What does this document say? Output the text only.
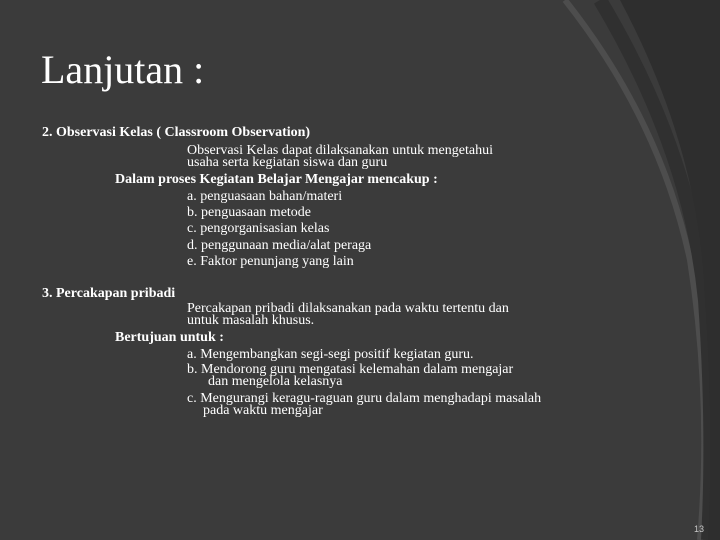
Lanjutan :
2. Observasi Kelas ( Classroom Observation)
Observasi Kelas dapat dilaksanakan untuk mengetahui
usaha serta kegiatan siswa dan guru
Dalam proses Kegiatan Belajar Mengajar mencakup :
a. penguasaan bahan/materi
b. penguasaan metode
c. pengorganisasian kelas
d. penggunaan media/alat peraga
e. Faktor penunjang yang lain
3. Percakapan pribadi
Percakapan pribadi dilaksanakan pada waktu tertentu dan
untuk masalah khusus.
Bertujuan untuk :
a. Mengembangkan segi-segi positif kegiatan guru.
b. Mendorong guru mengatasi kelemahan dalam mengajar
dan mengelola kelasnya
c. Mengurangi keragu-raguan guru dalam menghadapi masalah
pada waktu mengajar
13
